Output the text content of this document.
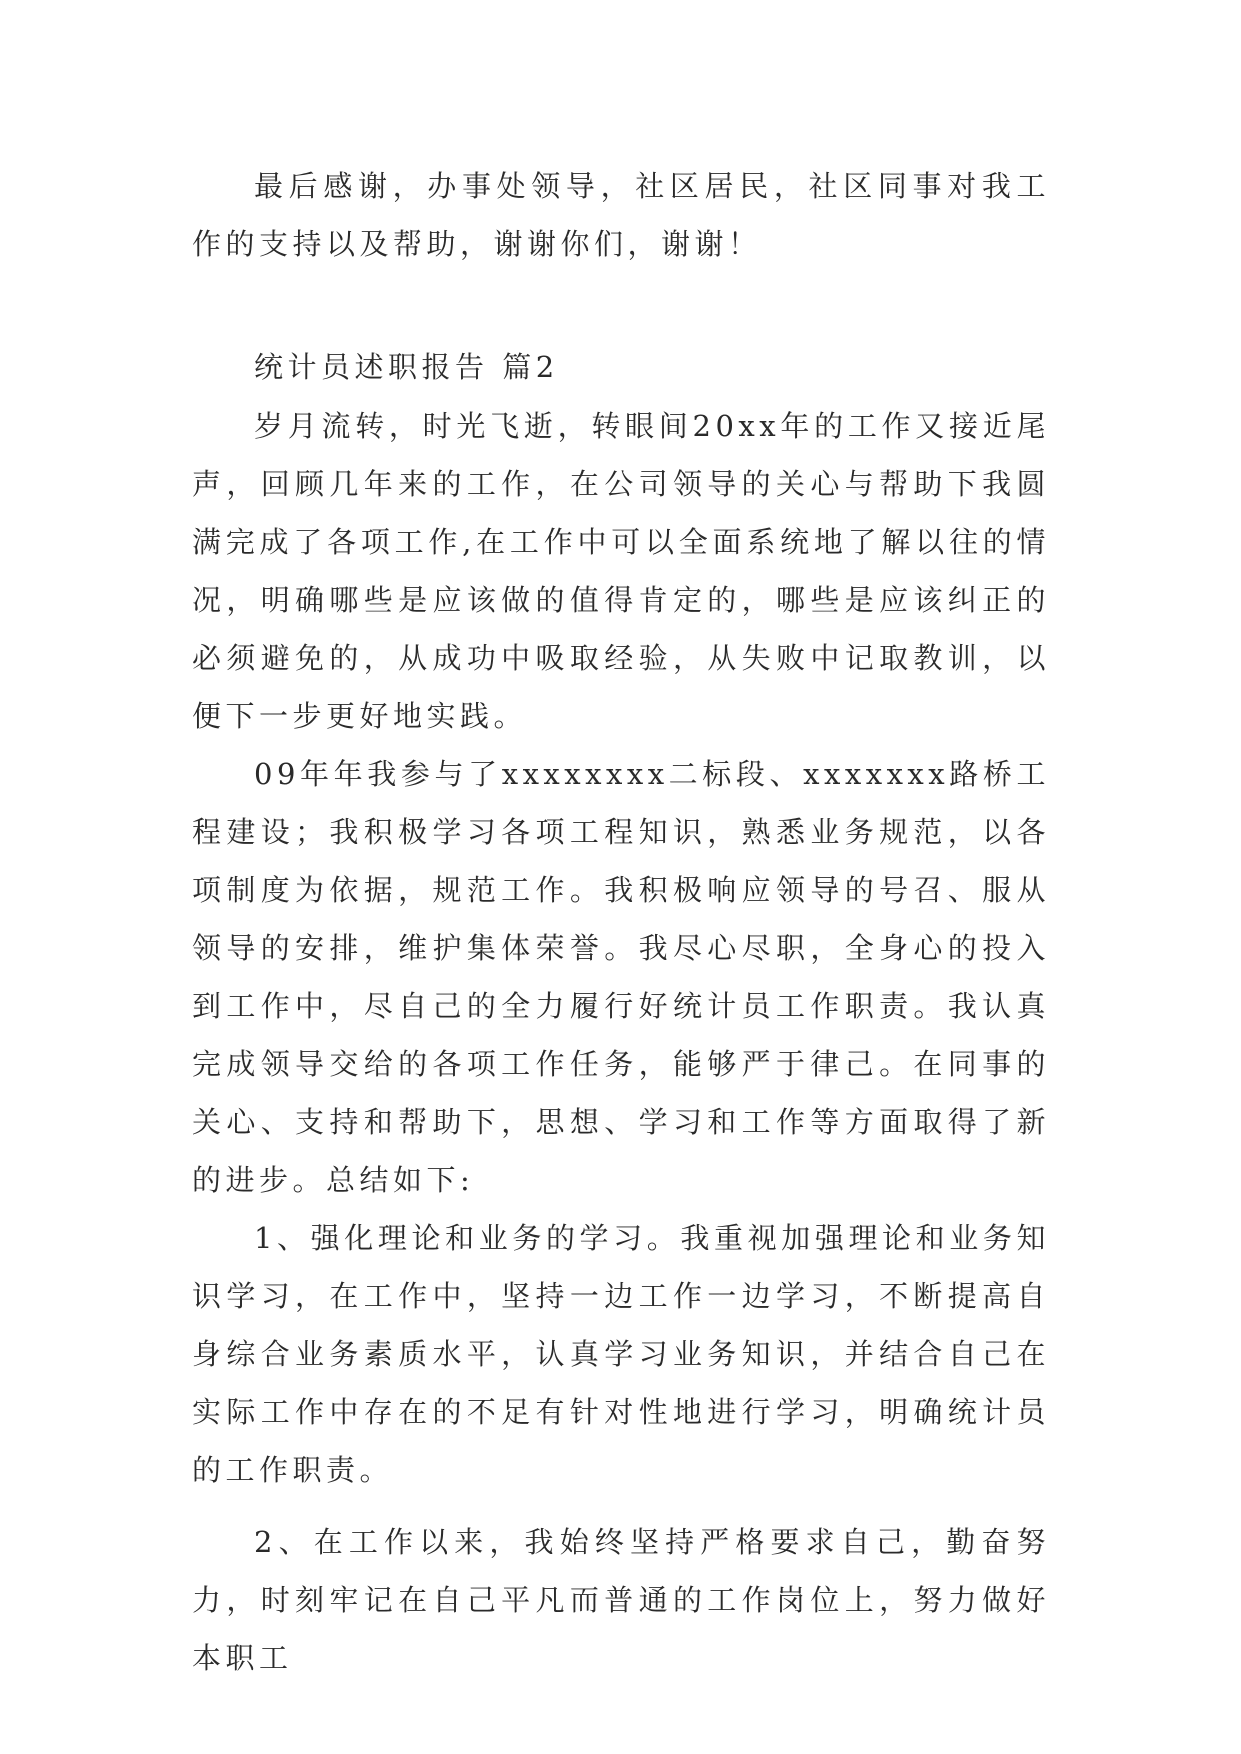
最后感谢，办事处领导，社区居民，社区同事对我工作的支持以及帮助，谢谢你们，谢谢！

统计员述职报告 篇2

岁月流转，时光飞逝，转眼间20xx年的工作又接近尾声，回顾几年来的工作，在公司领导的关心与帮助下我圆满完成了各项工作,在工作中可以全面系统地了解以往的情况，明确哪些是应该做的值得肯定的，哪些是应该纠正的必须避免的，从成功中吸取经验，从失败中记取教训，以便下一步更好地实践。

09年年我参与了xxxxxxxx二标段、xxxxxxx路桥工程建设；我积极学习各项工程知识，熟悉业务规范，以各项制度为依据，规范工作。我积极响应领导的号召、服从领导的安排，维护集体荣誉。我尽心尽职，全身心的投入到工作中，尽自己的全力履行好统计员工作职责。我认真完成领导交给的各项工作任务，能够严于律己。在同事的关心、支持和帮助下，思想、学习和工作等方面取得了新的进步。总结如下:

1、强化理论和业务的学习。我重视加强理论和业务知识学习，在工作中，坚持一边工作一边学习，不断提高自身综合业务素质水平，认真学习业务知识，并结合自己在实际工作中存在的不足有针对性地进行学习，明确统计员的工作职责。

2、在工作以来，我始终坚持严格要求自己，勤奋努力，时刻牢记在自己平凡而普通的工作岗位上，努力做好本职工
